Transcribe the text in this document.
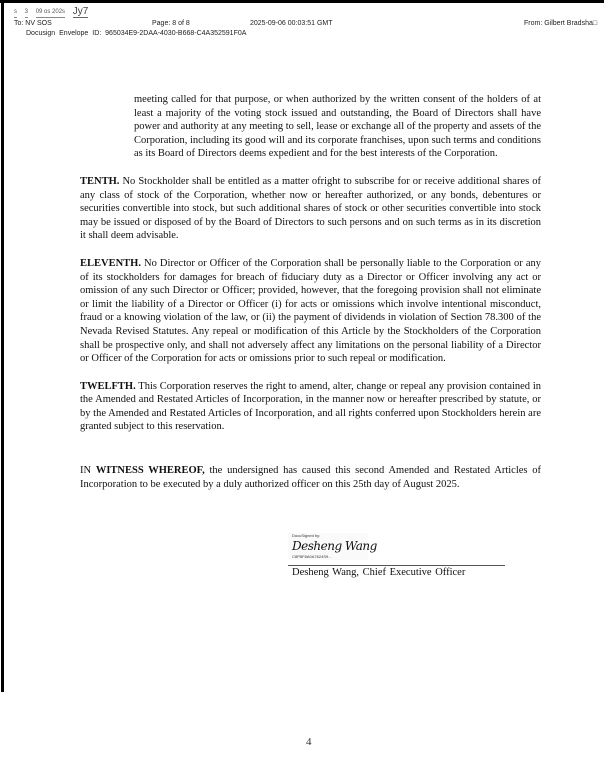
s 3 09 os 202s Jy7
To: NV SOS	Page: 8 of 8	2025-09-06 00:03:51 GMT	From: Gilbert Bradsha□
Docusign Envelope ID: 965034E9-2DAA-4030-B668-C4A352591F0A

meeting called for that purpose, or when authorized by the written consent of the holders of at least a majority of the voting stock issued and outstanding, the Board of Directors shall have power and authority at any meeting to sell, lease or exchange all of the property and assets of the Corporation, including its good will and its corporate franchises, upon such terms and conditions as its Board of Directors deems expedient and for the best interests of the Corporation.

TENTH. No Stockholder shall be entitled as a matter ofright to subscribe for or receive additional shares of any class of stock of the Corporation, whether now or hereafter authorized, or any bonds, debentures or securities convertible into stock, but such additional shares of stock or other securities convertible into stock may be issued or disposed of by the Board of Directors to such persons and on such terms as in its discretion it shall deem advisable.

ELEVENTH. No Director or Officer of the Corporation shall be personally liable to the Corporation or any of its stockholders for damages for breach of fiduciary duty as a Director or Officer involving any act or omission of any such Director or Officer; provided, however, that the foregoing provision shall not eliminate or limit the liability of a Director or Officer (i) for acts or omissions which involve intentional misconduct, fraud or a knowing violation of the law, or (ii) the payment of dividends in violation of Section 78.300 of the Nevada Revised Statutes. Any repeal or modification of this Article by the Stockholders of the Corporation shall be prospective only, and shall not adversely affect any limitations on the personal liability of a Director or Officer of the Corporation for acts or omissions prior to such repeal or modification.

TWELFTH. This Corporation reserves the right to amend, alter, change or repeal any provision contained in the Amended and Restated Articles of Incorporation, in the manner now or hereafter prescribed by statute, or by the Amended and Restated Articles of Incorporation, and all rights conferred upon Stockholders herein are granted subject to this reservation.

IN WITNESS WHEREOF, the undersigned has caused this second Amended and Restated Articles of Incorporation to be executed by a duly authorized officer on this 25th day of August 2025.

DocuSigned by:
Desheng Wang
C8FBF8A0A7624S9...
Desheng Wang, Chief Executive Officer
4
